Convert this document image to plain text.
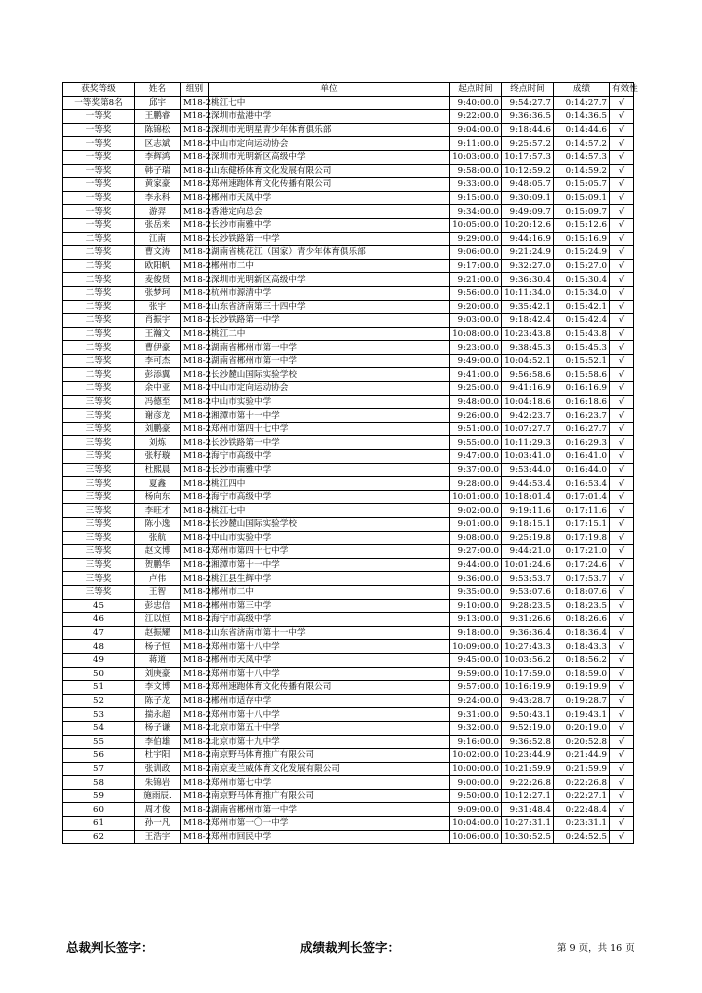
获奖等级	姓名	组别	单位	起点时间	终点时间	成绩	有效性
一等奖第8名	邱宇	M18-2	桃江七中	9:40:00.0	9:54:27.7	0:14:27.7	√
一等奖	王鹏睿	M18-2	深圳市盐港中学	9:22:00.0	9:36:36.5	0:14:36.5	√
一等奖	陈锦松	M18-2	深圳市光明星青少年体育俱乐部	9:04:00.0	9:18:44.6	0:14:44.6	√
一等奖	区志斌	M18-2	中山市定向运动协会	9:11:00.0	9:25:57.2	0:14:57.2	√
一等奖	李辉鸿	M18-2	深圳市光明新区高级中学	10:03:00.0	10:17:57.3	0:14:57.3	√
一等奖	韩子瑞	M18-2	山东健桥体育文化发展有限公司	9:58:00.0	10:12:59.2	0:14:59.2	√
一等奖	黄家豪	M18-2	郑州速跑体育文化传播有限公司	9:33:00.0	9:48:05.7	0:15:05.7	√
一等奖	李永科	M18-2	郴州市天凤中学	9:15:00.0	9:30:09.1	0:15:09.1	√
一等奖	游羿	M18-2	香港定向总会	9:34:00.0	9:49:09.7	0:15:09.7	√
一等奖	张岳来	M18-2	长沙市南雅中学	10:05:00.0	10:20:12.6	0:15:12.6	√
二等奖	江南	M18-2	长沙铁路第一中学	9:29:00.0	9:44:16.9	0:15:16.9	√
二等奖	曹文涛	M18-2	湖南省桃花江（国家）青少年体育俱乐部	9:06:00.0	9:21:24.9	0:15:24.9	√
二等奖	欧阳帆	M18-2	郴州市二中	9:17:00.0	9:32:27.0	0:15:27.0	√
二等奖	麦俊贤	M18-2	深圳市光明新区高级中学	9:21:00.0	9:36:30.4	0:15:30.4	√
二等奖	张梦珂	M18-2	杭州市源清中学	9:56:00.0	10:11:34.0	0:15:34.0	√
二等奖	张宇	M18-2	山东省济南第三十四中学	9:20:00.0	9:35:42.1	0:15:42.1	√
二等奖	肖振宇	M18-2	长沙铁路第一中学	9:03:00.0	9:18:42.4	0:15:42.4	√
二等奖	王瀚文	M18-2	桃江二中	10:08:00.0	10:23:43.8	0:15:43.8	√
二等奖	曹伊豪	M18-2	湖南省郴州市第一中学	9:23:00.0	9:38:45.3	0:15:45.3	√
二等奖	李可杰	M18-2	湖南省郴州市第一中学	9:49:00.0	10:04:52.1	0:15:52.1	√
二等奖	彭添翼	M18-2	长沙麓山国际实验学校	9:41:00.0	9:56:58.6	0:15:58.6	√
二等奖	余中亚	M18-2	中山市定向运动协会	9:25:00.0	9:41:16.9	0:16:16.9	√
三等奖	冯德至	M18-2	中山市实验中学	9:48:00.0	10:04:18.6	0:16:18.6	√
三等奖	谢彦龙	M18-2	湘潭市第十一中学	9:26:00.0	9:42:23.7	0:16:23.7	√
三等奖	刘鹏豪	M18-2	郑州市第四十七中学	9:51:00.0	10:07:27.7	0:16:27.7	√
三等奖	刘炼	M18-2	长沙铁路第一中学	9:55:00.0	10:11:29.3	0:16:29.3	√
三等奖	张籽璇	M18-2	海宁市高级中学	9:47:00.0	10:03:41.0	0:16:41.0	√
三等奖	杜熙晨	M18-2	长沙市南雅中学	9:37:00.0	9:53:44.0	0:16:44.0	√
三等奖	夏鑫	M18-2	桃江四中	9:28:00.0	9:44:53.4	0:16:53.4	√
三等奖	杨向东	M18-2	海宁市高级中学	10:01:00.0	10:18:01.4	0:17:01.4	√
三等奖	李旺才	M18-2	桃江七中	9:02:00.0	9:19:11.6	0:17:11.6	√
三等奖	陈小逸	M18-2	长沙麓山国际实验学校	9:01:00.0	9:18:15.1	0:17:15.1	√
三等奖	张航	M18-2	中山市实验中学	9:08:00.0	9:25:19.8	0:17:19.8	√
三等奖	赵文博	M18-2	郑州市第四十七中学	9:27:00.0	9:44:21.0	0:17:21.0	√
三等奖	贺鹏华	M18-2	湘潭市第十一中学	9:44:00.0	10:01:24.6	0:17:24.6	√
三等奖	卢伟	M18-2	桃江县生辉中学	9:36:00.0	9:53:53.7	0:17:53.7	√
三等奖	王智	M18-2	郴州市二中	9:35:00.0	9:53:07.6	0:18:07.6	√
45	彭忠信	M18-2	郴州市第三中学	9:10:00.0	9:28:23.5	0:18:23.5	√
46	江以恒	M18-2	海宁市高级中学	9:13:00.0	9:31:26.6	0:18:26.6	√
47	赵振耀	M18-2	山东省济南市第十一中学	9:18:00.0	9:36:36.4	0:18:36.4	√
48	杨子恒	M18-2	郑州市第十八中学	10:09:00.0	10:27:43.3	0:18:43.3	√
49	蒋道	M18-2	郴州市天凤中学	9:45:00.0	10:03:56.2	0:18:56.2	√
50	刘庚豪	M18-2	郑州市第十八中学	9:59:00.0	10:17:59.0	0:18:59.0	√
51	李文博	M18-2	郑州速跑体育文化传播有限公司	9:57:00.0	10:16:19.9	0:19:19.9	√
52	陈子龙	M18-2	郴州市适存中学	9:24:00.0	9:43:28.7	0:19:28.7	√
53	揣永超	M18-2	郑州市第十八中学	9:31:00.0	9:50:43.1	0:19:43.1	√
54	杨子谦	M18-2	北京市第五十中学	9:32:00.0	9:52:19.0	0:20:19.0	√
55	李伯雄	M18-2	北京市第十九中学	9:16:00.0	9:36:52.8	0:20:52.8	√
56	杜宇阳	M18-2	南京野马体育推广有限公司	10:02:00.0	10:23:44.9	0:21:44.9	√
57	张训政	M18-2	南京麦兰威体育文化发展有限公司	10:00:00.0	10:21:59.9	0:21:59.9	√
58	朱锦岩	M18-2	郑州市第七中学	9:00:00.0	9:22:26.8	0:22:26.8	√
59	施雨辰.	M18-2	南京野马体育推广有限公司	9:50:00.0	10:12:27.1	0:22:27.1	√
60	周才俊	M18-2	湖南省郴州市第一中学	9:09:00.0	9:31:48.4	0:22:48.4	√
61	孙一凡	M18-2	郑州市第一〇一中学	10:04:00.0	10:27:31.1	0:23:31.1	√
62	王浩宇	M18-2	郑州市回民中学	10:06:00.0	10:30:52.5	0:24:52.5	√
总裁判长签字：	成绩裁判长签字：	第 9 页，共 16 页
